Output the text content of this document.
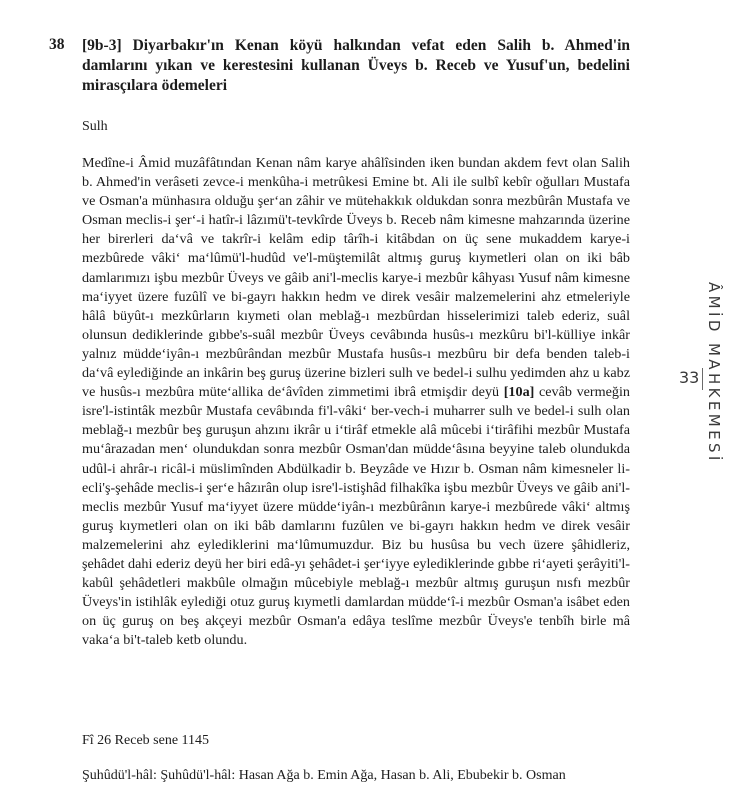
38 [9b-3] Diyarbakır'ın Kenan köyü halkından vefat eden Salih b. Ahmed'in damlarını yıkan ve kerestesini kullanan Üveys b. Receb ve Yusuf'un, bedelini mirasçılara ödemeleri
Sulh
Medîne-i Âmid muzâfâtından Kenan nâm karye ahâlîsinden iken bundan akdem fevt olan Salih b. Ahmed'in verâseti zevce-i menkûha-i metrûkesi Emine bt. Ali ile sulbî kebîr oğulları Mustafa ve Osman'a münhasıra olduğu şer‘an zâhir ve mütehakkık oldukdan sonra mezbûrân Mustafa ve Osman meclis-i şer‘-i hatîr-i lâzımü't-tevkîrde Üveys b. Receb nâm kimesne mahzarında üzerine her birerleri da‘vâ ve takrîr-i kelâm edip târîh-i kitâbdan on üç sene mukaddem karye-i mezbûrede vâki‘ ma‘lûmü'l-hudûd ve'l-müştemilât altmış guruş kıymetleri olan on iki bâb damlarımızı işbu mezbûr Üveys ve gâib ani'l-meclis karye-i mezbûr kâhyası Yusuf nâm kimesne ma‘iyyet üzere fuzûlî ve bi-gayrı hakkın hedm ve direk vesâir malzemelerini ahz etmeleriyle hâlâ büyût-ı mezkûrların kıymeti olan meblağ-ı mezbûrdan hisselerimizi taleb ederiz, suâl olunsun dediklerinde gıbbe's-suâl mezbûr Üveys cevâbında husûs-ı mezkûru bi'l-külliye inkâr yalnız müdde‘iyân-ı mezbûrândan mezbûr Mustafa husûs-ı mezbûru bir defa benden taleb-i da‘vâ eylediğinde an inkârin beş guruş üzerine bizleri sulh ve bedel-i sulhu yedimden ahz u kabz ve husûs-ı mezbûra müte‘allika de‘âvîden zimmetimi ibrâ etmişdir deyü [10a] cevâb vermeğin isre'l-istintâk mezbûr Mustafa cevâbında fi'l-vâki‘ ber-vech-i muharrer sulh ve bedel-i sulh olan meblağ-ı mezbûr beş guruşun ahzını ikrâr u i‘tirâf etmekle alâ mûcebi i‘tirâfihi mezbûr Mustafa mu‘ârazadan men‘ olundukdan sonra mezbûr Osman'dan müdde‘âsına beyyine taleb olundukda udûl-i ahrâr-ı ricâl-i müslimînden Abdülkadir b. Beyzâde ve Hızır b. Osman nâm kimesneler li-ecli'ş-şehâde meclis-i şer‘e hâzırân olup isre'l-istişhâd filhakîka işbu mezbûr Üveys ve gâib ani'l-meclis mezbûr Yusuf ma‘iyyet üzere müdde‘iyân-ı mezbûrânın karye-i mezbûrede vâki‘ altmış guruş kıymetleri olan on iki bâb damlarını fuzûlen ve bi-gayrı hakkın hedm ve direk vesâir malzemelerini ahz eylediklerini ma‘lûmumuzdur. Biz bu husûsa bu vech üzere şâhidleriz, şehâdet dahi ederiz deyü her biri edâ-yı şehâdet-i şer‘iyye eylediklerinde gıbbe ri‘ayeti şerâyiti'l-kabûl şehâdetleri makbûle olmağın mûcebiyle meblağ-ı mezbûr altmış guruşun nısfı mezbûr Üveys'in istihlâk eylediği otuz guruş kıymetli damlardan müdde‘î-i mezbûr Osman'a isâbet eden on üç guruş on beş akçeyi mezbûr Osman'a edâya teslîme mezbûr Üveys'e tenbîh birle mâ vaka‘a bi't-taleb ketb olundu.
Fî 26 Receb sene 1145
Şuhûdü'l-hâl: Şuhûdü'l-hâl: Hasan Ağa b. Emin Ağa, Hasan b. Ali, Ebubekir b. Osman
ÂMİD MAHKEMESİ
33
